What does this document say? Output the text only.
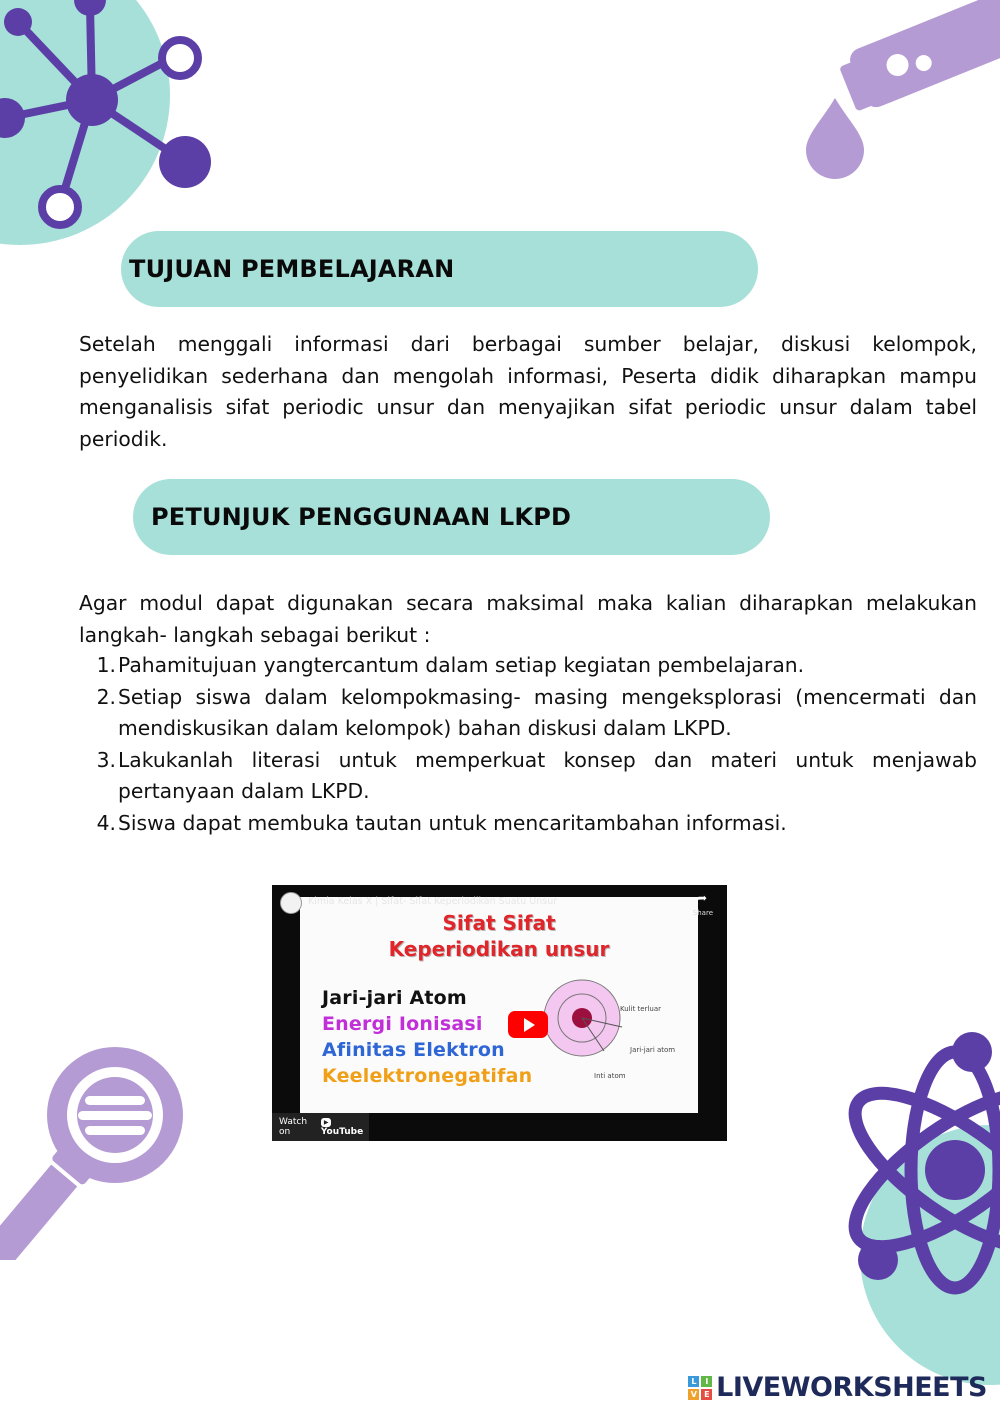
TUJUAN PEMBELAJARAN

Setelah menggali informasi dari berbagai sumber belajar, diskusi kelompok, penyelidikan sederhana dan mengolah informasi, Peserta didik diharapkan mampu menganalisis sifat periodic unsur dan menyajikan sifat periodic unsur dalam tabel periodik.

PETUNJUK PENGGUNAAN LKPD

Agar modul dapat digunakan secara maksimal maka kalian diharapkan melakukan langkah- langkah sebagai berikut :

1. Pahamitujuan yangtercantum dalam setiap kegiatan pembelajaran.
2. Setiap siswa dalam kelompokmasing- masing mengeksplorasi (mencermati dan mendiskusikan dalam kelompok) bahan diskusi dalam LKPD.
3. Lakukanlah literasi untuk memperkuat konsep dan materi untuk menjawab pertanyaan dalam LKPD.
4. Siswa dapat membuka tautan untuk mencaritambahan informasi.
Sifat Sifat
Keperiodikan unsur
Jari-jari Atom
Energi Ionisasi
Afinitas Elektron
Keelektronegatifan
Kulit terluar
Jari-jari atom
Inti atom
Kimia Kelas X | Sifat- Sifat Keperiodikan Suatu Unsur	➦
Share
Watch on
▶	YouTube
L	I
V E LIVEWORKSHEETS
